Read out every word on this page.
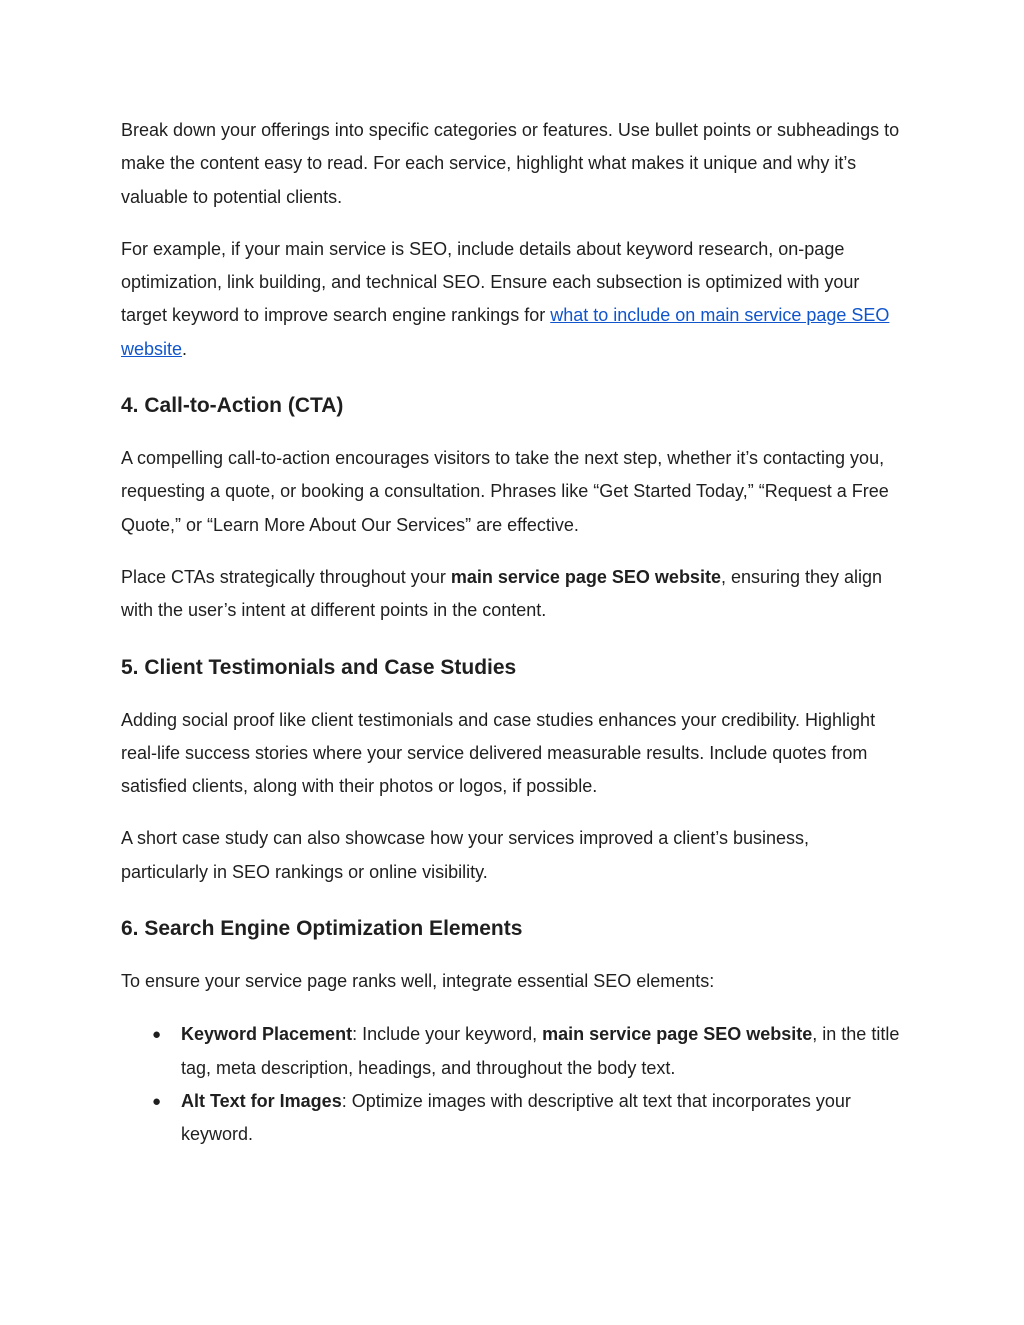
Break down your offerings into specific categories or features. Use bullet points or subheadings to make the content easy to read. For each service, highlight what makes it unique and why it’s valuable to potential clients.

For example, if your main service is SEO, include details about keyword research, on-page optimization, link building, and technical SEO. Ensure each subsection is optimized with your target keyword to improve search engine rankings for what to include on main service page SEO website.

4. Call-to-Action (CTA)

A compelling call-to-action encourages visitors to take the next step, whether it’s contacting you, requesting a quote, or booking a consultation. Phrases like “Get Started Today,” “Request a Free Quote,” or “Learn More About Our Services” are effective.

Place CTAs strategically throughout your main service page SEO website, ensuring they align with the user’s intent at different points in the content.

5. Client Testimonials and Case Studies

Adding social proof like client testimonials and case studies enhances your credibility. Highlight real-life success stories where your service delivered measurable results. Include quotes from satisfied clients, along with their photos or logos, if possible.

A short case study can also showcase how your services improved a client’s business, particularly in SEO rankings or online visibility.

6. Search Engine Optimization Elements

To ensure your service page ranks well, integrate essential SEO elements:

● Keyword Placement: Include your keyword, main service page SEO website, in the title tag, meta description, headings, and throughout the body text.
● Alt Text for Images: Optimize images with descriptive alt text that incorporates your keyword.
